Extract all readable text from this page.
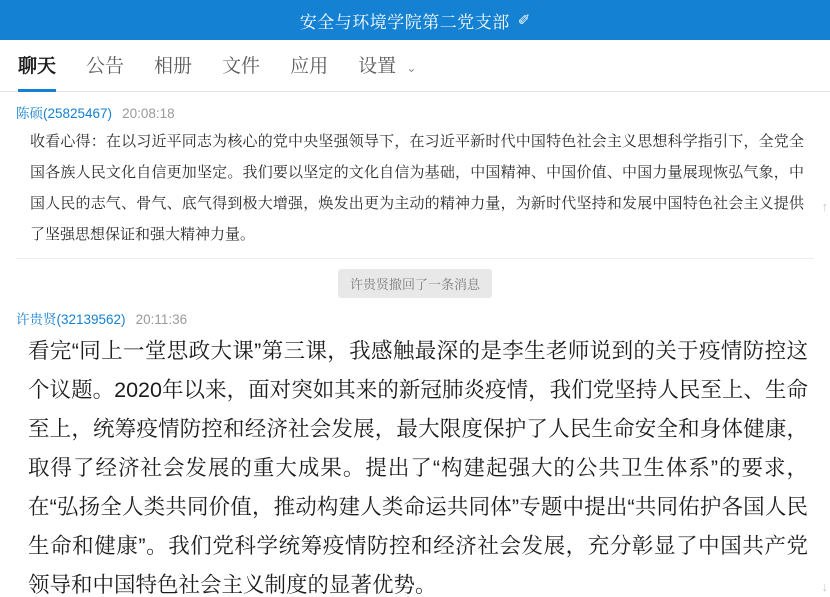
安全与环境学院第二党支部 ✐
聊天 公告 相册 文件 应用 设置 ⌄
↑
陈硕(25825467) 20:08:18
收看心得：在以习近平同志为核心的党中央坚强领导下，在习近平新时代中国特色社会主义思想科学指引下，全党全国各族人民文化自信更加坚定。我们要以坚定的文化自信为基础，中国精神、中国价值、中国力量展现恢弘气象，中国人民的志气、骨气、底气得到极大增强，焕发出更为主动的精神力量，为新时代坚持和发展中国特色社会主义提供了坚强思想保证和强大精神力量。
许贵贤撤回了一条消息
许贵贤(32139562) 20:11:36
看完“同上一堂思政大课”第三课，我感触最深的是李生老师说到的关于疫情防控这个议题。2020年以来，面对突如其来的新冠肺炎疫情，我们党坚持人民至上、生命至上，统筹疫情防控和经济社会发展，最大限度保护了人民生命安全和身体健康，取得了经济社会发展的重大成果。提出了“构建起强大的公共卫生体系”的要求，在“弘扬全人类共同价值，推动构建人类命运共同体”专题中提出“共同佑护各国人民生命和健康”。我们党科学统筹疫情防控和经济社会发展，充分彰显了中国共产党领导和中国特色社会主义制度的显著优势。	↓
